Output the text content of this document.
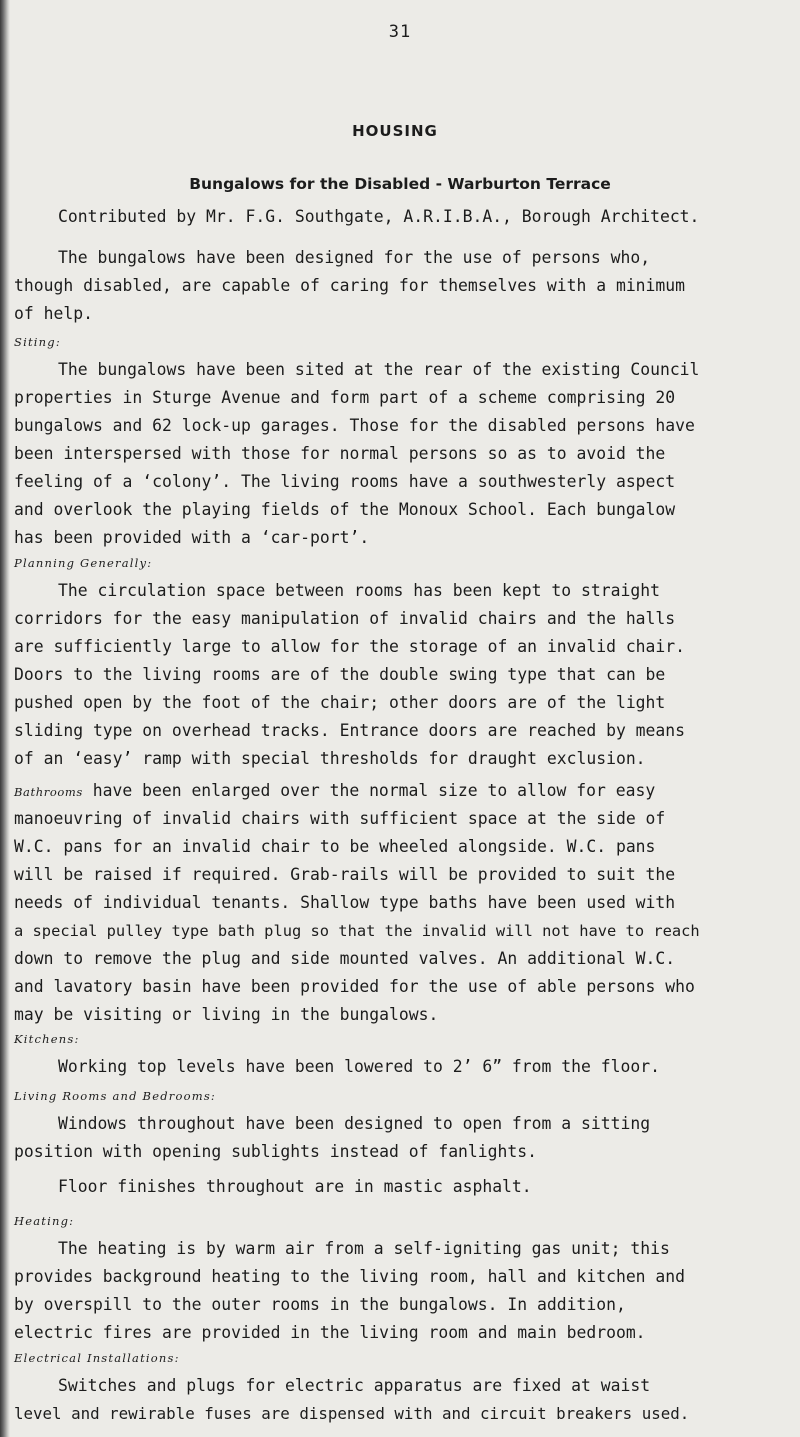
31
HOUSING
Bungalows for the Disabled - Warburton Terrace
Contributed by Mr. F.G. Southgate, A.R.I.B.A., Borough Architect.
The bungalows have been designed for the use of persons who,
though disabled, are capable of caring for themselves with a minimum
of help.
Siting:
The bungalows have been sited at the rear of the existing Council
properties in Sturge Avenue and form part of a scheme comprising 20
bungalows and 62 lock-up garages. Those for the disabled persons have
been interspersed with those for normal persons so as to avoid the
feeling of a ‘colony’. The living rooms have a southwesterly aspect
and overlook the playing fields of the Monoux School. Each bungalow
has been provided with a ‘car-port’.
Planning Generally:
The circulation space between rooms has been kept to straight
corridors for the easy manipulation of invalid chairs and the halls
are sufficiently large to allow for the storage of an invalid chair.
Doors to the living rooms are of the double swing type that can be
pushed open by the foot of the chair; other doors are of the light
sliding type on overhead tracks. Entrance doors are reached by means
of an ‘easy’ ramp with special thresholds for draught exclusion.
Bathrooms have been enlarged over the normal size to allow for easy
manoeuvring of invalid chairs with sufficient space at the side of
W.C. pans for an invalid chair to be wheeled alongside. W.C. pans
will be raised if required. Grab-rails will be provided to suit the
needs of individual tenants. Shallow type baths have been used with
a special pulley type bath plug so that the invalid will not have to reach
down to remove the plug and side mounted valves. An additional W.C.
and lavatory basin have been provided for the use of able persons who
may be visiting or living in the bungalows.
Kitchens:
Working top levels have been lowered to 2’ 6” from the floor.
Living Rooms and Bedrooms:
Windows throughout have been designed to open from a sitting
position with opening sublights instead of fanlights.
Floor finishes throughout are in mastic asphalt.
Heating:
The heating is by warm air from a self-igniting gas unit; this
provides background heating to the living room, hall and kitchen and
by overspill to the outer rooms in the bungalows. In addition,
electric fires are provided in the living room and main bedroom.
Electrical Installations:
Switches and plugs for electric apparatus are fixed at waist
level and rewirable fuses are dispensed with and circuit breakers used.
